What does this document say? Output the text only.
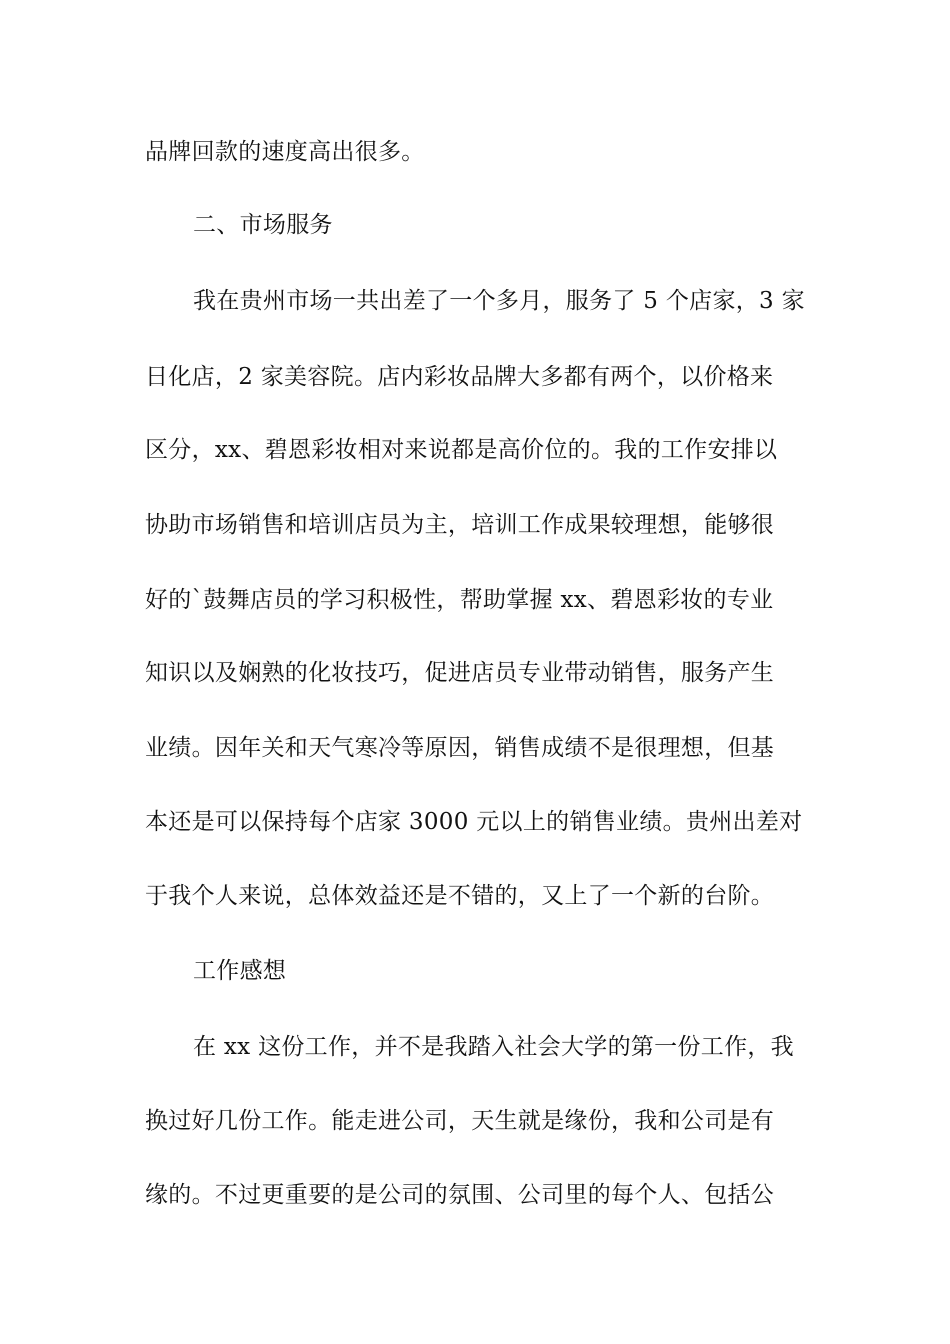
品牌回款的速度高出很多。
二、市场服务
我在贵州市场一共出差了一个多月，服务了 5 个店家，3 家
日化店，2 家美容院。店内彩妆品牌大多都有两个，以价格来
区分，xx、碧恩彩妆相对来说都是高价位的。我的工作安排以
协助市场销售和培训店员为主，培训工作成果较理想，能够很
好的`鼓舞店员的学习积极性，帮助掌握 xx、碧恩彩妆的专业
知识以及娴熟的化妆技巧，促进店员专业带动销售，服务产生
业绩。因年关和天气寒冷等原因，销售成绩不是很理想，但基
本还是可以保持每个店家 3000 元以上的销售业绩。贵州出差对
于我个人来说，总体效益还是不错的，又上了一个新的台阶。
工作感想
在 xx 这份工作，并不是我踏入社会大学的第一份工作，我
换过好几份工作。能走进公司，天生就是缘份，我和公司是有
缘的。不过更重要的是公司的氛围、公司里的每个人、包括公
